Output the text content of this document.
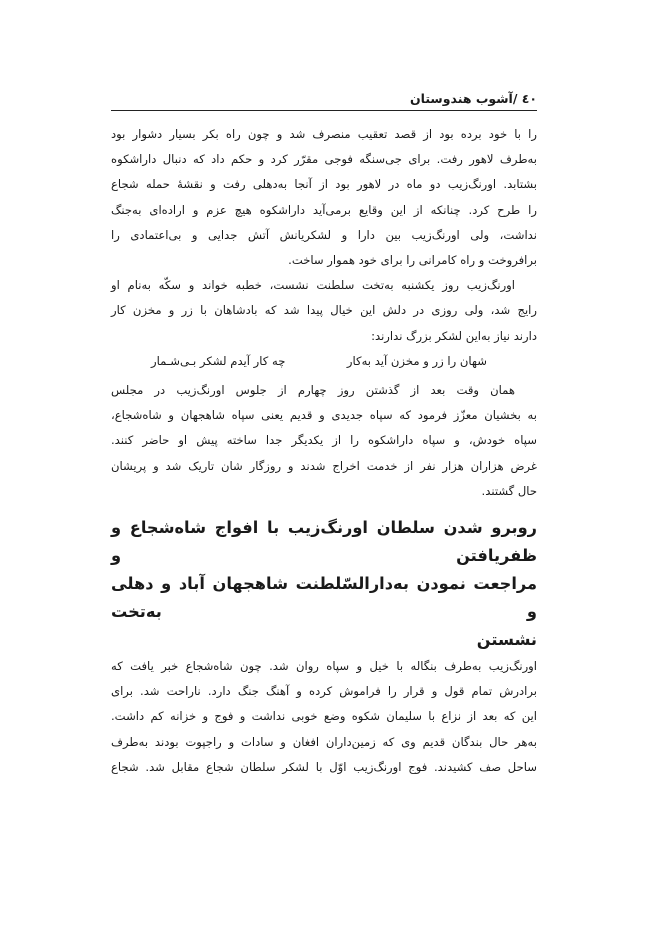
٤٠ /آشوب هندوستان
را با خود برده بود از قصد تعقیب منصرف شد و چون راه بکر بسیار دشوار بود
به‌طرف لاهور رفت. برای جی‌سنگه فوجی مقرّر کرد و حکم داد که دنبال داراشکوه
بشتابد. اورنگ‌زیب دو ماه در لاهور بود از آنجا به‌دهلی رفت و نقشهٔ حمله شجاع
را طرح کرد. چنانکه از این وقایع برمی‌آید داراشکوه هیچ عزم و اراده‌ای به‌جنگ
نداشت، ولی اورنگ‌زیب بین دارا و لشکریانش آتش جدایی و بی‌اعتمادی را
برافروخت و راه کامرانی را برای خود هموار ساخت.
اورنگ‌زیب روز یکشنبه به‌تخت سلطنت نشست، خطبه خواند و سکّه به‌نام او
رایج شد، ولی روزی در دلش این خیال پیدا شد که بادشاهان با زر و مخزن کار
دارند نیاز به‌این لشکر بزرگ ندارند:
شهان را زر و مخزن آید به‌کار
چه کار آیدم لشکر بـی‌شـمار
همان وقت بعد از گذشتن روز چهارم از جلوس اورنگ‌زیب در مجلس
به بخشیان معزّز فرمود که سپاه جدیدی و قدیم یعنی سپاه شاهجهان و شاه‌شجاع،
سپاه خودش، و سپاه داراشکوه را از یکدیگر جدا ساخته پیش او حاضر کنند.
غرض هزاران هزار نفر از خدمت اخراج شدند و روزگار شان تاریک شد و پریشان
حال گشتند.
روبرو شدن سلطان اورنگ‌زیب با افواج شاه‌شجاع و ظفریافتن و
مراجعت نمودن به‌دارالسّلطنت شاهجهان آباد و دهلی و به‌تخت
نشستن
اورنگ‌زیب به‌طرف بنگاله با خیل و سپاه روان شد. چون شاه‌شجاع خبر یافت که
برادرش تمام قول و قرار را فراموش کرده و آهنگ جنگ دارد. ناراحت شد. برای
این که بعد از نزاع با سلیمان شکوه وضع خوبی نداشت و فوج و خزانه کم داشت.
به‌هر حال بندگان قدیم وی که زمین‌داران افغان و سادات و راجپوت بودند به‌طرف
ساحل صف کشیدند. فوج اورنگ‌زیب اوّل با لشکر سلطان شجاع مقابل شد. شجاع
